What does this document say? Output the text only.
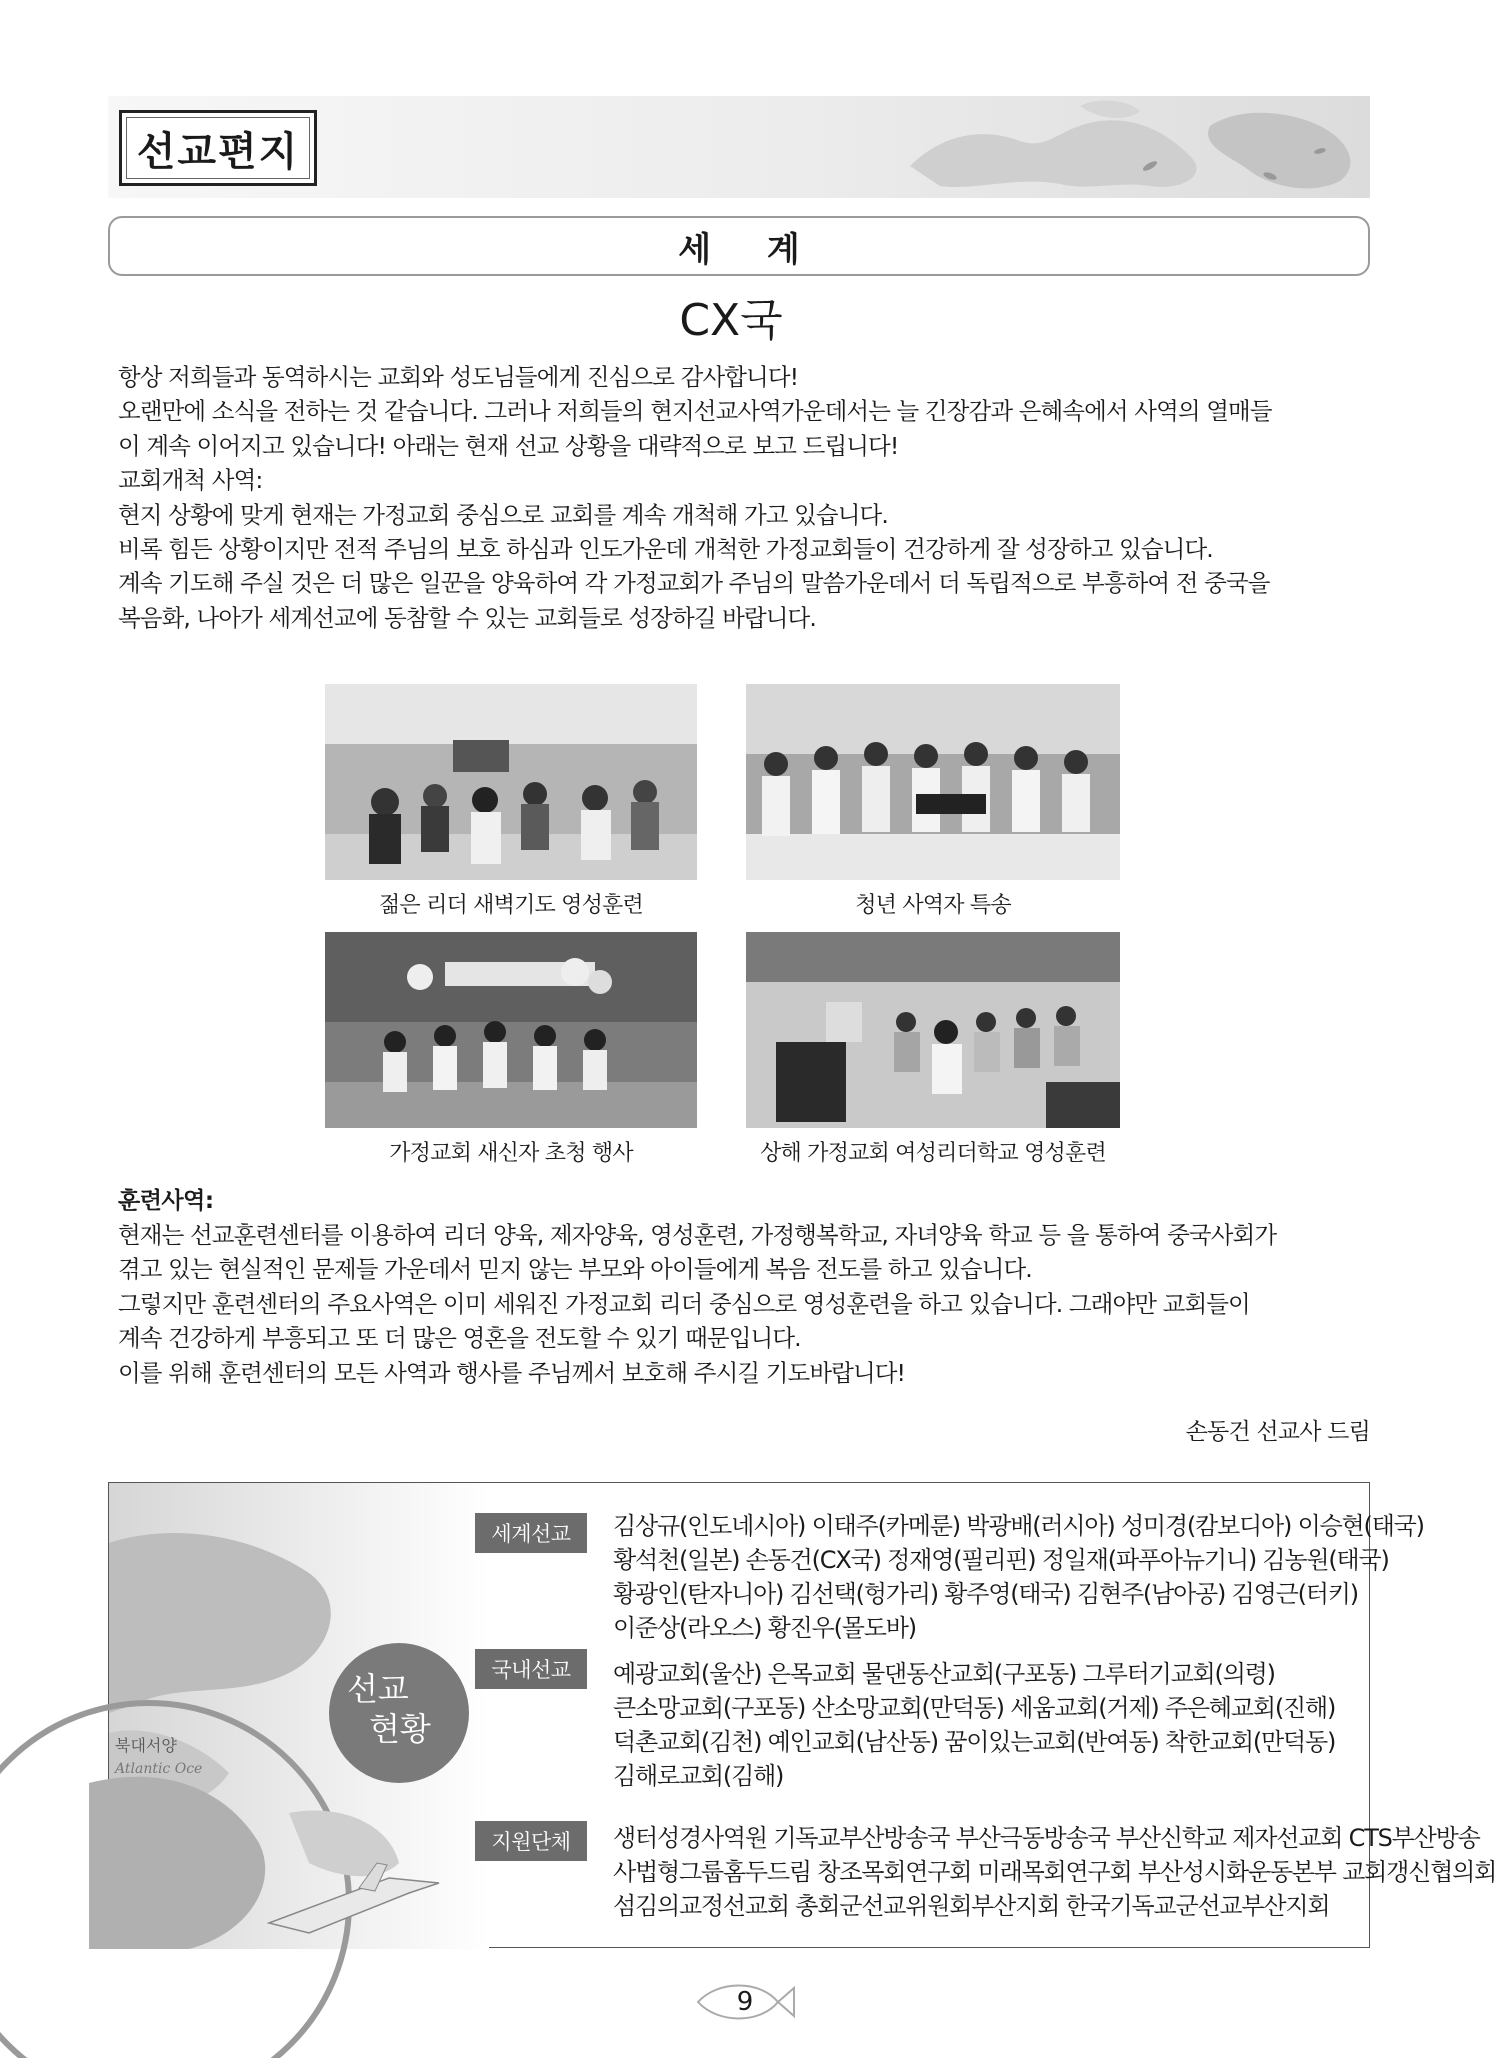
선교편지
세 계
CX국

항상 저희들과 동역하시는 교회와 성도님들에게 진심으로 감사합니다!

오랜만에 소식을 전하는 것 같습니다. 그러나 저희들의 현지선교사역가운데서는 늘 긴장감과 은혜속에서 사역의 열매들

이 계속 이어지고 있습니다! 아래는 현재 선교 상황을 대략적으로 보고 드립니다!

교회개척 사역:

현지 상황에 맞게 현재는 가정교회 중심으로 교회를 계속 개척해 가고 있습니다.

비록 힘든 상황이지만 전적 주님의 보호 하심과 인도가운데 개척한 가정교회들이 건강하게 잘 성장하고 있습니다.

계속 기도해 주실 것은 더 많은 일꾼을 양육하여 각 가정교회가 주님의 말씀가운데서 더 독립적으로 부흥하여 전 중국을

복음화, 나아가 세계선교에 동참할 수 있는 교회들로 성장하길 바랍니다.

젊은 리더 새벽기도 영성훈련	청년 사역자 특송
가정교회 새신자 초청 행사	상해 가정교회 여성리더학교 영성훈련
훈련사역:

현재는 선교훈련센터를 이용하여 리더 양육, 제자양육, 영성훈련, 가정행복학교, 자녀양육 학교 등 을 통하여 중국사회가

겪고 있는 현실적인 문제들 가운데서 믿지 않는 부모와 아이들에게 복음 전도를 하고 있습니다.

그렇지만 훈련센터의 주요사역은 이미 세워진 가정교회 리더 중심으로 영성훈련을 하고 있습니다. 그래야만 교회들이

계속 건강하게 부흥되고 또 더 많은 영혼을 전도할 수 있기 때문입니다.

이를 위해 훈련센터의 모든 사역과 행사를 주님께서 보호해 주시길 기도바랍니다!

손동건 선교사 드림
북대서양
Atlantic Oce
선교
현황
세계선교	김상규(인도네시아) 이태주(카메룬) 박광배(러시아) 성미경(캄보디아) 이승현(태국)

황석천(일본) 손동건(CX국) 정재영(필리핀) 정일재(파푸아뉴기니) 김농원(태국)

황광인(탄자니아) 김선택(헝가리) 황주영(태국) 김현주(남아공) 김영근(터키)

이준상(라오스) 황진우(몰도바)

국내선교	예광교회(울산) 은목교회 물댄동산교회(구포동) 그루터기교회(의령)

큰소망교회(구포동) 산소망교회(만덕동) 세움교회(거제) 주은혜교회(진해)

덕촌교회(김천) 예인교회(남산동) 꿈이있는교회(반여동) 착한교회(만덕동)

김해로교회(김해)

지원단체	생터성경사역원 기독교부산방송국 부산극동방송국 부산신학교 제자선교회 CTS부산방송

사법형그룹홈두드림 창조목회연구회 미래목회연구회 부산성시화운동본부 교회갱신협의회

섬김의교정선교회 총회군선교위원회부산지회 한국기독교군선교부산지회

9
